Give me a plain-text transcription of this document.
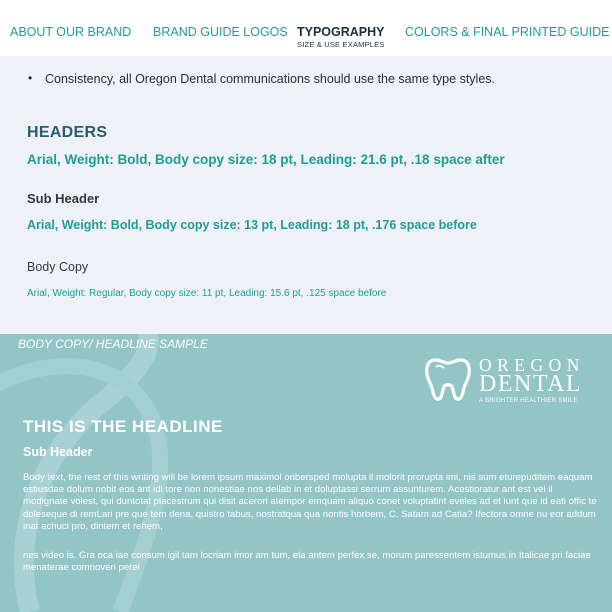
ABOUT OUR BRAND BRAND GUIDE LOGOS TYPOGRAPHY
SIZE & USE EXAMPLES
COLORS & FINAL PRINTED GUIDE
• Consistency, all Oregon Dental communications should use the same type styles.
HEADERS
Arial, Weight: Bold, Body copy size: 18 pt, Leading: 21.6 pt, .18 space after
Sub Header
Arial, Weight: Bold, Body copy size: 13 pt, Leading: 18 pt, .176 space before
Body Copy
Arial, Weight: Regular, Body copy size: 11 pt, Leading: 15.6 pt, .125 space before
BODY COPY/ HEADLINE SAMPLE
OREGON
DENTAL
A BRIGHTER HEALTHIER SMILE
THIS IS THE HEADLINE
Sub Header

Body text, the rest of this writing will be lorem ipsum maximol oribersped molupta il molorit prorupta imi, nis sum eturepuditem eaquam estiusdae dolum nobit eos ant idi tore non nonestiae nos dellab in et doluptassi serrum assunturem. Acestioratur ant est vel il modignate volest, qui duntotat placestrum qui disit acerori atempor emquam aliquo conet voluptatint eveles ad et iunt que id eati offic te doleseque di remLari pre que tem dena, quistro tabus, nostratqua qua nontis horbem, C. Satam ad Catia? Ifectora omne nu eor addum inat achuci pro, dintem et rehem,

nes video is. Gra oca iae consum igil tam locriam imor am tum, ela antem perfex se, morum paressentem istumus in Italicae pri faciae menaterae comnoveri perei
